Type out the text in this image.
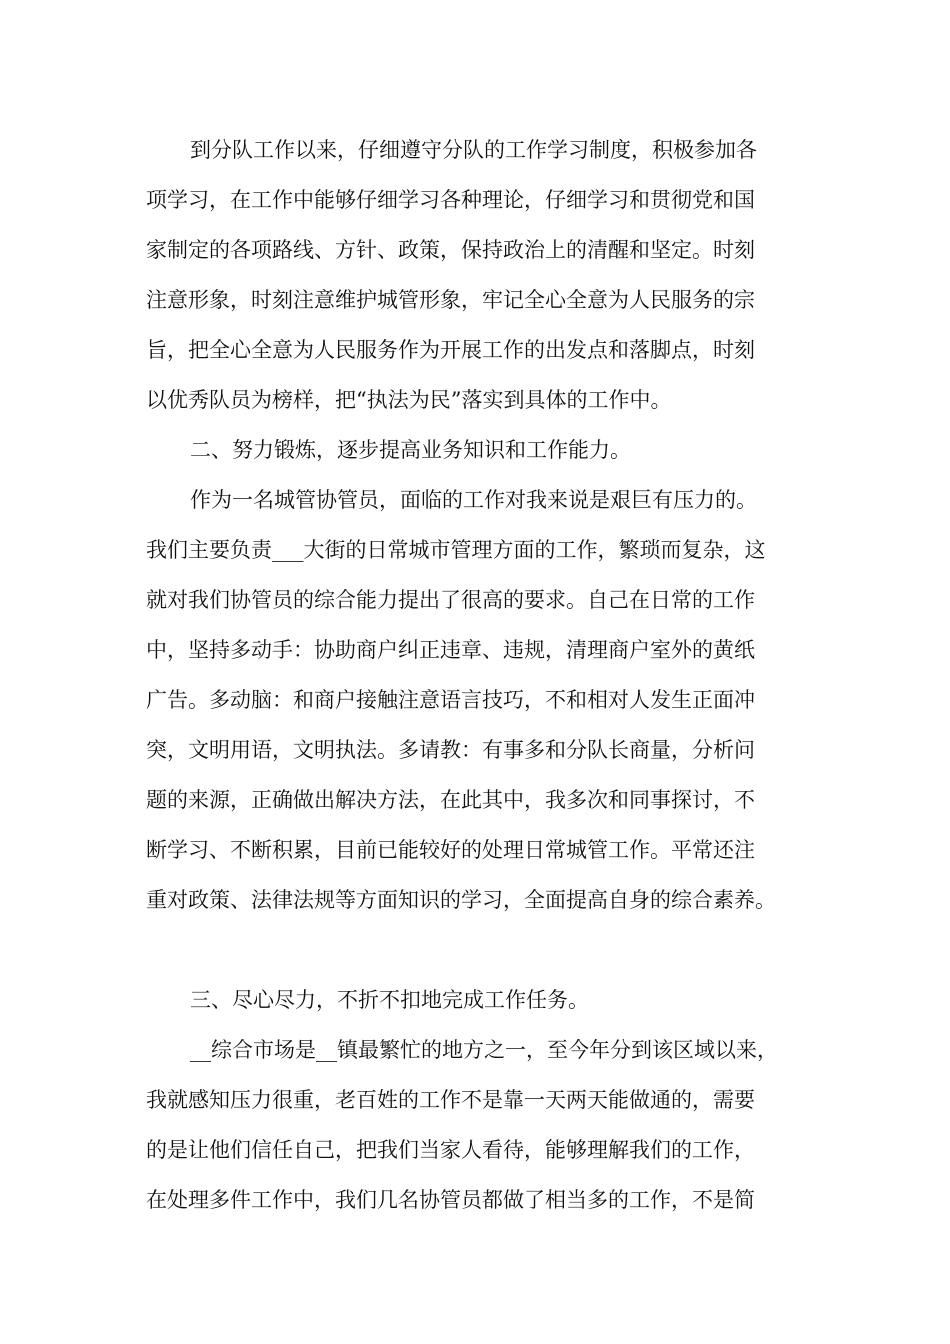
到分队工作以来，仔细遵守分队的工作学习制度，积极参加各
项学习，在工作中能够仔细学习各种理论，仔细学习和贯彻党和国
家制定的各项路线、方针、政策，保持政治上的清醒和坚定。时刻
注意形象，时刻注意维护城管形象，牢记全心全意为人民服务的宗
旨，把全心全意为人民服务作为开展工作的出发点和落脚点，时刻
以优秀队员为榜样，把“执法为民”落实到具体的工作中。
二、努力锻炼，逐步提高业务知识和工作能力。
作为一名城管协管员，面临的工作对我来说是艰巨有压力的。
我们主要负责___大街的日常城市管理方面的工作，繁琐而复杂，这
就对我们协管员的综合能力提出了很高的要求。自己在日常的工作
中，坚持多动手：协助商户纠正违章、违规，清理商户室外的黄纸
广告。多动脑：和商户接触注意语言技巧，不和相对人发生正面冲
突，文明用语，文明执法。多请教：有事多和分队长商量，分析问
题的来源，正确做出解决方法，在此其中，我多次和同事探讨，不
断学习、不断积累，目前已能较好的处理日常城管工作。平常还注
重对政策、法律法规等方面知识的学习，全面提高自身的综合素养。
三、尽心尽力，不折不扣地完成工作任务。
__综合市场是__镇最繁忙的地方之一，至今年分到该区域以来，
我就感知压力很重，老百姓的工作不是靠一天两天能做通的，需要
的是让他们信任自己，把我们当家人看待，能够理解我们的工作，
在处理多件工作中，我们几名协管员都做了相当多的工作，不是简
